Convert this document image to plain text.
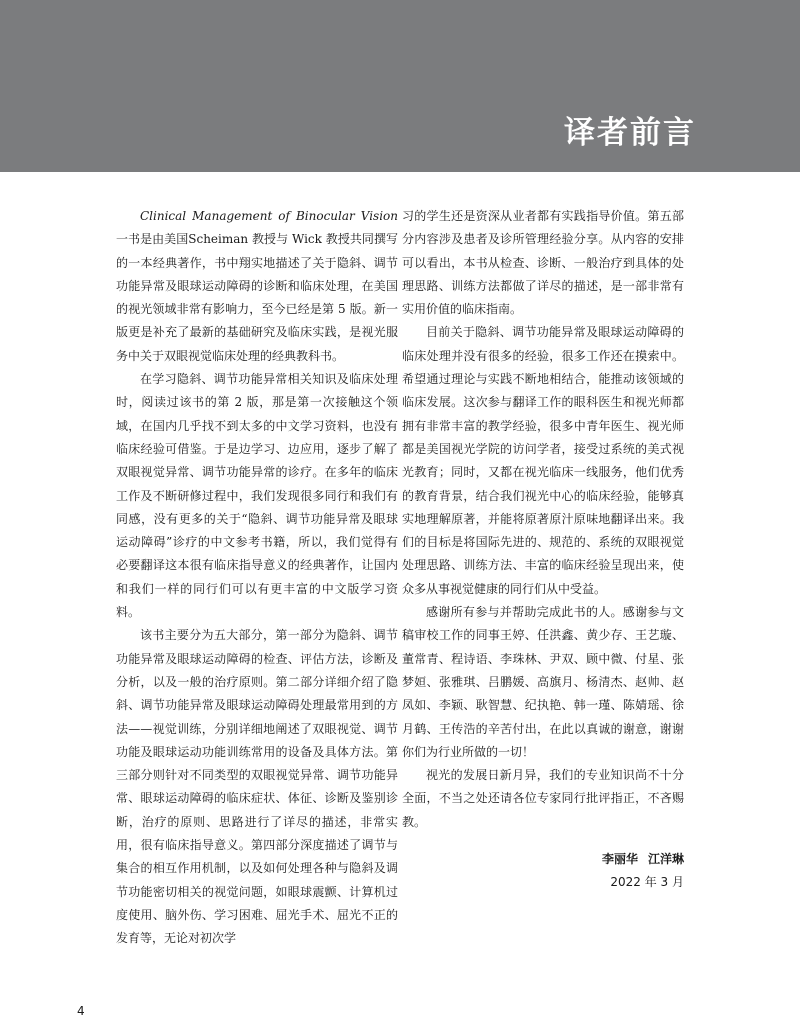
译者前言

Clinical Management of Binocular Vision一书是由美国Scheiman 教授与 Wick 教授共同撰写的一本经典著作，书中翔实地描述了关于隐斜、调节功能异常及眼球运动障碍的诊断和临床处理，在美国的视光领域非常有影响力，至今已经是第 5 版。新一版更是补充了最新的基础研究及临床实践，是视光服务中关于双眼视觉临床处理的经典教科书。

在学习隐斜、调节功能异常相关知识及临床处理时，阅读过该书的第 2 版，那是第一次接触这个领域，在国内几乎找不到太多的中文学习资料，也没有临床经验可借鉴。于是边学习、边应用，逐步了解了双眼视觉异常、调节功能异常的诊疗。在多年的临床工作及不断研修过程中，我们发现很多同行和我们有同感，没有更多的关于“隐斜、调节功能异常及眼球运动障碍”诊疗的中文参考书籍，所以，我们觉得有必要翻译这本很有临床指导意义的经典著作，让国内和我们一样的同行们可以有更丰富的中文版学习资料。

该书主要分为五大部分，第一部分为隐斜、调节功能异常及眼球运动障碍的检查、评估方法，诊断及分析，以及一般的治疗原则。第二部分详细介绍了隐斜、调节功能异常及眼球运动障碍处理最常用到的方法——视觉训练，分别详细地阐述了双眼视觉、调节功能及眼球运动功能训练常用的设备及具体方法。第三部分则针对不同类型的双眼视觉异常、调节功能异常、眼球运动障碍的临床症状、体征、诊断及鉴别诊断，治疗的原则、思路进行了详尽的描述，非常实用，很有临床指导意义。第四部分深度描述了调节与集合的相互作用机制，以及如何处理各种与隐斜及调节功能密切相关的视觉问题，如眼球震颤、计算机过度使用、脑外伤、学习困难、屈光手术、屈光不正的发育等，无论对初次学

习的学生还是资深从业者都有实践指导价值。第五部分内容涉及患者及诊所管理经验分享。从内容的安排可以看出，本书从检查、诊断、一般治疗到具体的处理思路、训练方法都做了详尽的描述，是一部非常有实用价值的临床指南。

目前关于隐斜、调节功能异常及眼球运动障碍的临床处理并没有很多的经验，很多工作还在摸索中。希望通过理论与实践不断地相结合，能推动该领域的临床发展。这次参与翻译工作的眼科医生和视光师都拥有非常丰富的教学经验，很多中青年医生、视光师都是美国视光学院的访问学者，接受过系统的美式视光教育；同时，又都在视光临床一线服务，他们优秀的教育背景，结合我们视光中心的临床经验，能够真实地理解原著，并能将原著原汁原味地翻译出来。我们的目标是将国际先进的、规范的、系统的双眼视觉处理思路、训练方法、丰富的临床经验呈现出来，使众多从事视觉健康的同行们从中受益。

感谢所有参与并帮助完成此书的人。感谢参与文稿审校工作的同事王婷、任洪鑫、黄少存、王艺璇、董常青、程诗语、李珠林、尹双、顾中微、付星、张梦姮、张雅琪、吕鹏媛、高旗月、杨清杰、赵帅、赵凤如、李颖、耿智慧、纪执艳、韩一瑾、陈婧瑶、徐月鹤、王传浩的辛苦付出，在此以真诚的谢意，谢谢你们为行业所做的一切！

视光的发展日新月异，我们的专业知识尚不十分全面，不当之处还请各位专家同行批评指正，不吝赐教。

李丽华 江洋琳
2022 年 3 月
4
